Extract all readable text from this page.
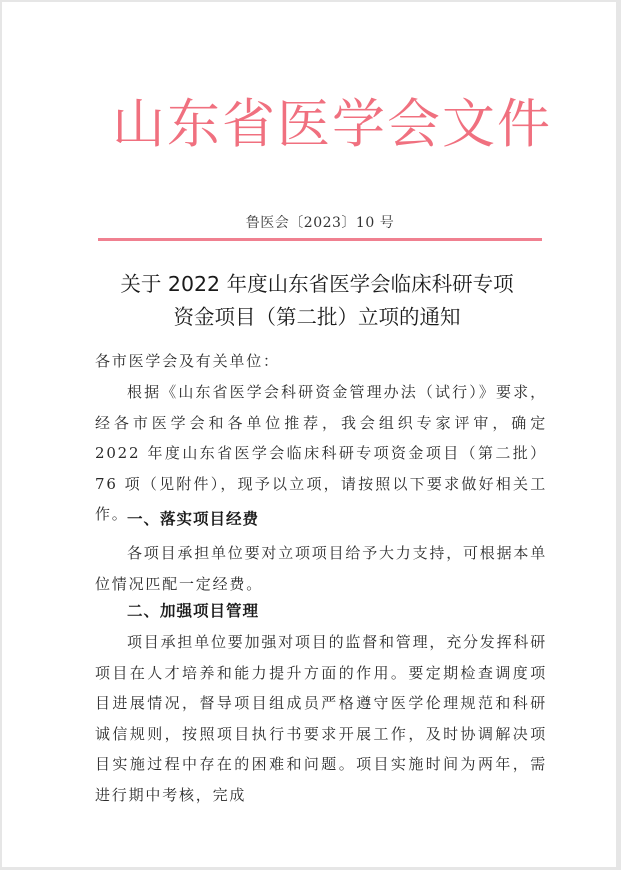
山东省医学会文件
鲁医会〔2023〕10 号
关于 2022 年度山东省医学会临床科研专项
资金项目（第二批）立项的通知
各市医学会及有关单位：
根据《山东省医学会科研资金管理办法（试行）》要求，经各市医学会和各单位推荐，我会组织专家评审，确定 2022 年度山东省医学会临床科研专项资金项目（第二批）76 项（见附件），现予以立项，请按照以下要求做好相关工作。
一、落实项目经费
各项目承担单位要对立项项目给予大力支持，可根据本单位情况匹配一定经费。
二、加强项目管理
项目承担单位要加强对项目的监督和管理，充分发挥科研项目在人才培养和能力提升方面的作用。要定期检查调度项目进展情况，督导项目组成员严格遵守医学伦理规范和科研诚信规则，按照项目执行书要求开展工作，及时协调解决项目实施过程中存在的困难和问题。项目实施时间为两年，需进行期中考核，完成
